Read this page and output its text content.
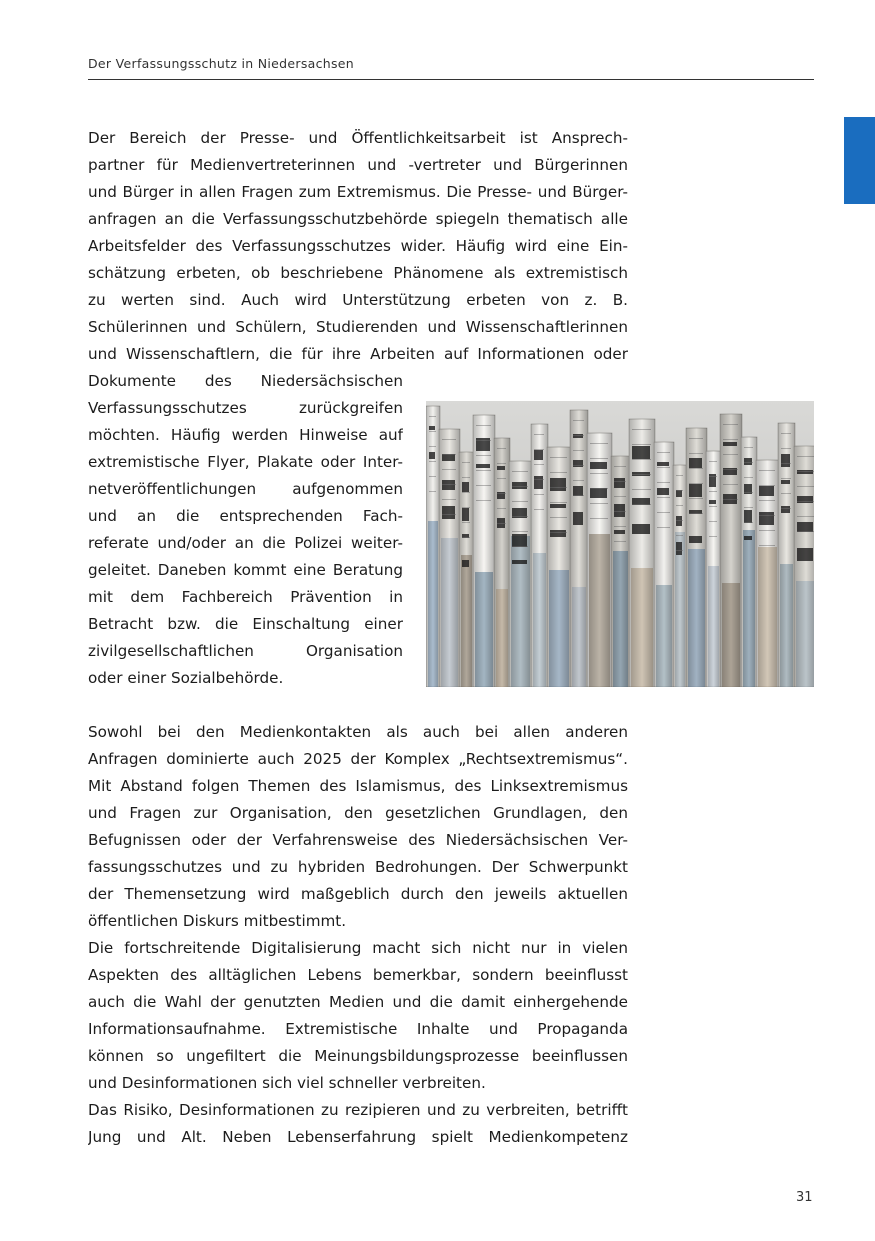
Der Verfassungsschutz in Niedersachsen
Der Bereich der Presse- und Öffentlichkeitsarbeit ist Ansprech-
partner für Medienvertreterinnen und -vertreter und Bürgerinnen
und Bürger in allen Fragen zum Extremismus. Die Presse- und Bürger-
anfragen an die Verfassungsschutzbehörde spiegeln thematisch alle
Arbeitsfelder des Verfassungsschutzes wider. Häufig wird eine Ein-
schätzung erbeten, ob beschriebene Phänomene als extremistisch
zu werten sind. Auch wird Unterstützung erbeten von z. B.
Schülerinnen und Schülern, Studierenden und Wissenschaftlerinnen
und Wissenschaftlern, die für ihre Arbeiten auf Informationen oder
Dokumente des Niedersächsischen
Verfassungsschutzes zurückgreifen
möchten. Häufig werden Hinweise auf
extremistische Flyer, Plakate oder Inter-
netveröffentlichungen aufgenommen
und an die entsprechenden Fach-
referate und/oder an die Polizei weiter-
geleitet. Daneben kommt eine Beratung
mit dem Fachbereich Prävention in
Betracht bzw. die Einschaltung einer
zivilgesellschaftlichen Organisation
oder einer Sozialbehörde.
Sowohl bei den Medienkontakten als auch bei allen anderen
Anfragen dominierte auch 2025 der Komplex „Rechtsextremismus“.
Mit Abstand folgen Themen des Islamismus, des Linksextremismus
und Fragen zur Organisation, den gesetzlichen Grundlagen, den
Befugnissen oder der Verfahrensweise des Niedersächsischen Ver-
fassungsschutzes und zu hybriden Bedrohungen. Der Schwerpunkt
der Themensetzung wird maßgeblich durch den jeweils aktuellen
öffentlichen Diskurs mitbestimmt.
Die fortschreitende Digitalisierung macht sich nicht nur in vielen
Aspekten des alltäglichen Lebens bemerkbar, sondern beeinflusst
auch die Wahl der genutzten Medien und die damit einhergehende
Informationsaufnahme. Extremistische Inhalte und Propaganda
können so ungefiltert die Meinungsbildungsprozesse beeinflussen
und Desinformationen sich viel schneller verbreiten.
Das Risiko, Desinformationen zu rezipieren und zu verbreiten, betrifft
Jung und Alt. Neben Lebenserfahrung spielt Medienkompetenz
31
